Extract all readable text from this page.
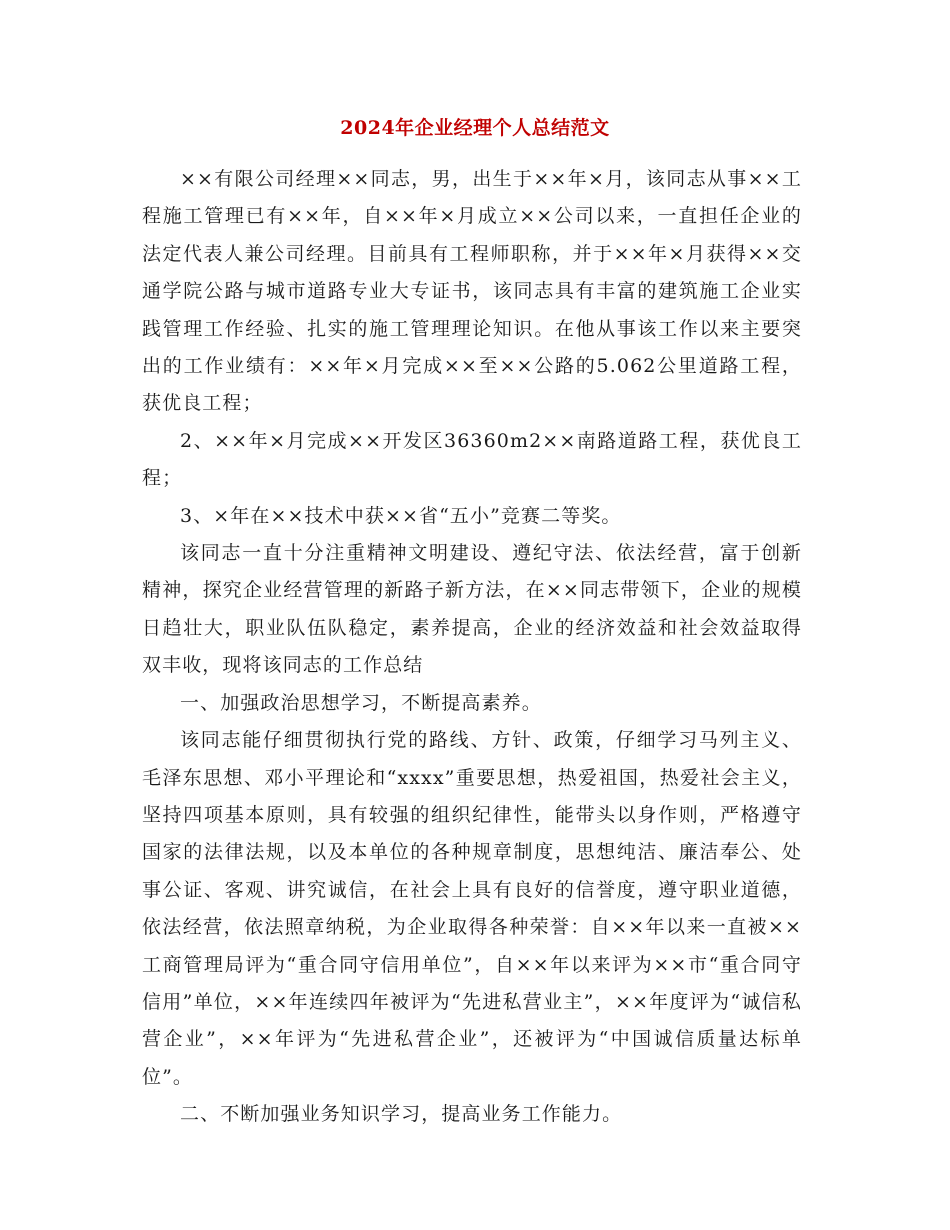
2024年企业经理个人总结范文

××有限公司经理××同志，男，出生于××年×月，该同志从事××工程施工管理已有××年，自××年×月成立××公司以来，一直担任企业的法定代表人兼公司经理。目前具有工程师职称，并于××年×月获得××交通学院公路与城市道路专业大专证书，该同志具有丰富的建筑施工企业实践管理工作经验、扎实的施工管理理论知识。在他从事该工作以来主要突出的工作业绩有：××年×月完成××至××公路的5.062公里道路工程，获优良工程；

2、××年×月完成××开发区36360m2××南路道路工程，获优良工程；

3、×年在××技术中获××省“五小”竞赛二等奖。

该同志一直十分注重精神文明建设、遵纪守法、依法经营，富于创新精神，探究企业经营管理的新路子新方法，在××同志带领下，企业的规模日趋壮大，职业队伍队稳定，素养提高，企业的经济效益和社会效益取得双丰收，现将该同志的工作总结

一、加强政治思想学习，不断提高素养。

该同志能仔细贯彻执行党的路线、方针、政策，仔细学习马列主义、毛泽东思想、邓小平理论和“xxxx”重要思想，热爱祖国，热爱社会主义，坚持四项基本原则，具有较强的组织纪律性，能带头以身作则，严格遵守国家的法律法规，以及本单位的各种规章制度，思想纯洁、廉洁奉公、处事公证、客观、讲究诚信，在社会上具有良好的信誉度，遵守职业道德，依法经营，依法照章纳税，为企业取得各种荣誉：自××年以来一直被××工商管理局评为“重合同守信用单位”，自××年以来评为××市“重合同守信用”单位，××年连续四年被评为“先进私营业主”，××年度评为“诚信私营企业”，××年评为“先进私营企业”，还被评为“中国诚信质量达标单位”。

二、不断加强业务知识学习，提高业务工作能力。
